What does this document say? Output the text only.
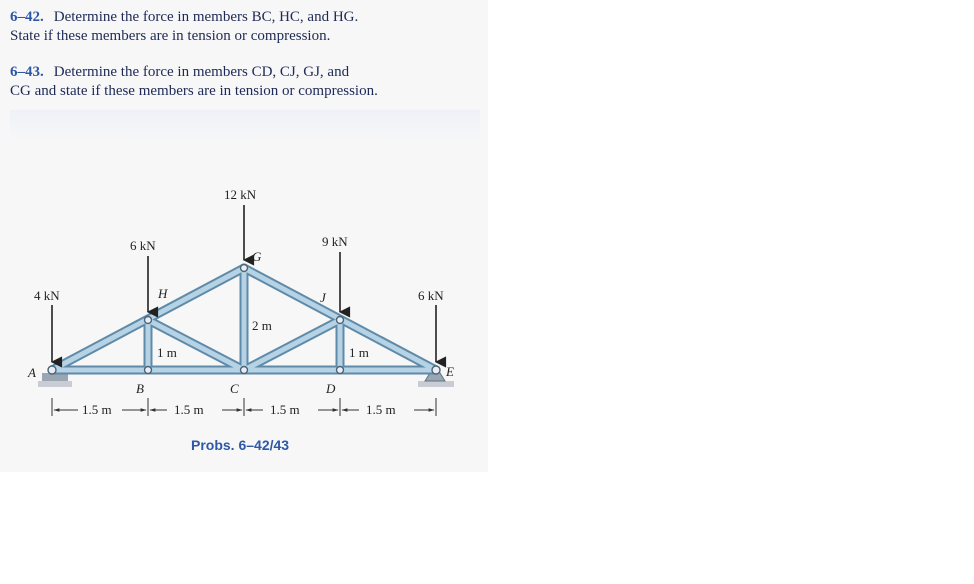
6–42. Determine the force in members BC, HC, and HG.
State if these members are in tension or compression.
6–43. Determine the force in members CD, CJ, GJ, and
CG and state if these members are in tension or compression.
4 kN
6 kN
12 kN
9 kN
6 kN
A
B	C	D
E
H
G
J
2 m
1 m	1 m
1.5 m	1.5 m	1.5 m	1.5 m
Probs. 6–42/43
